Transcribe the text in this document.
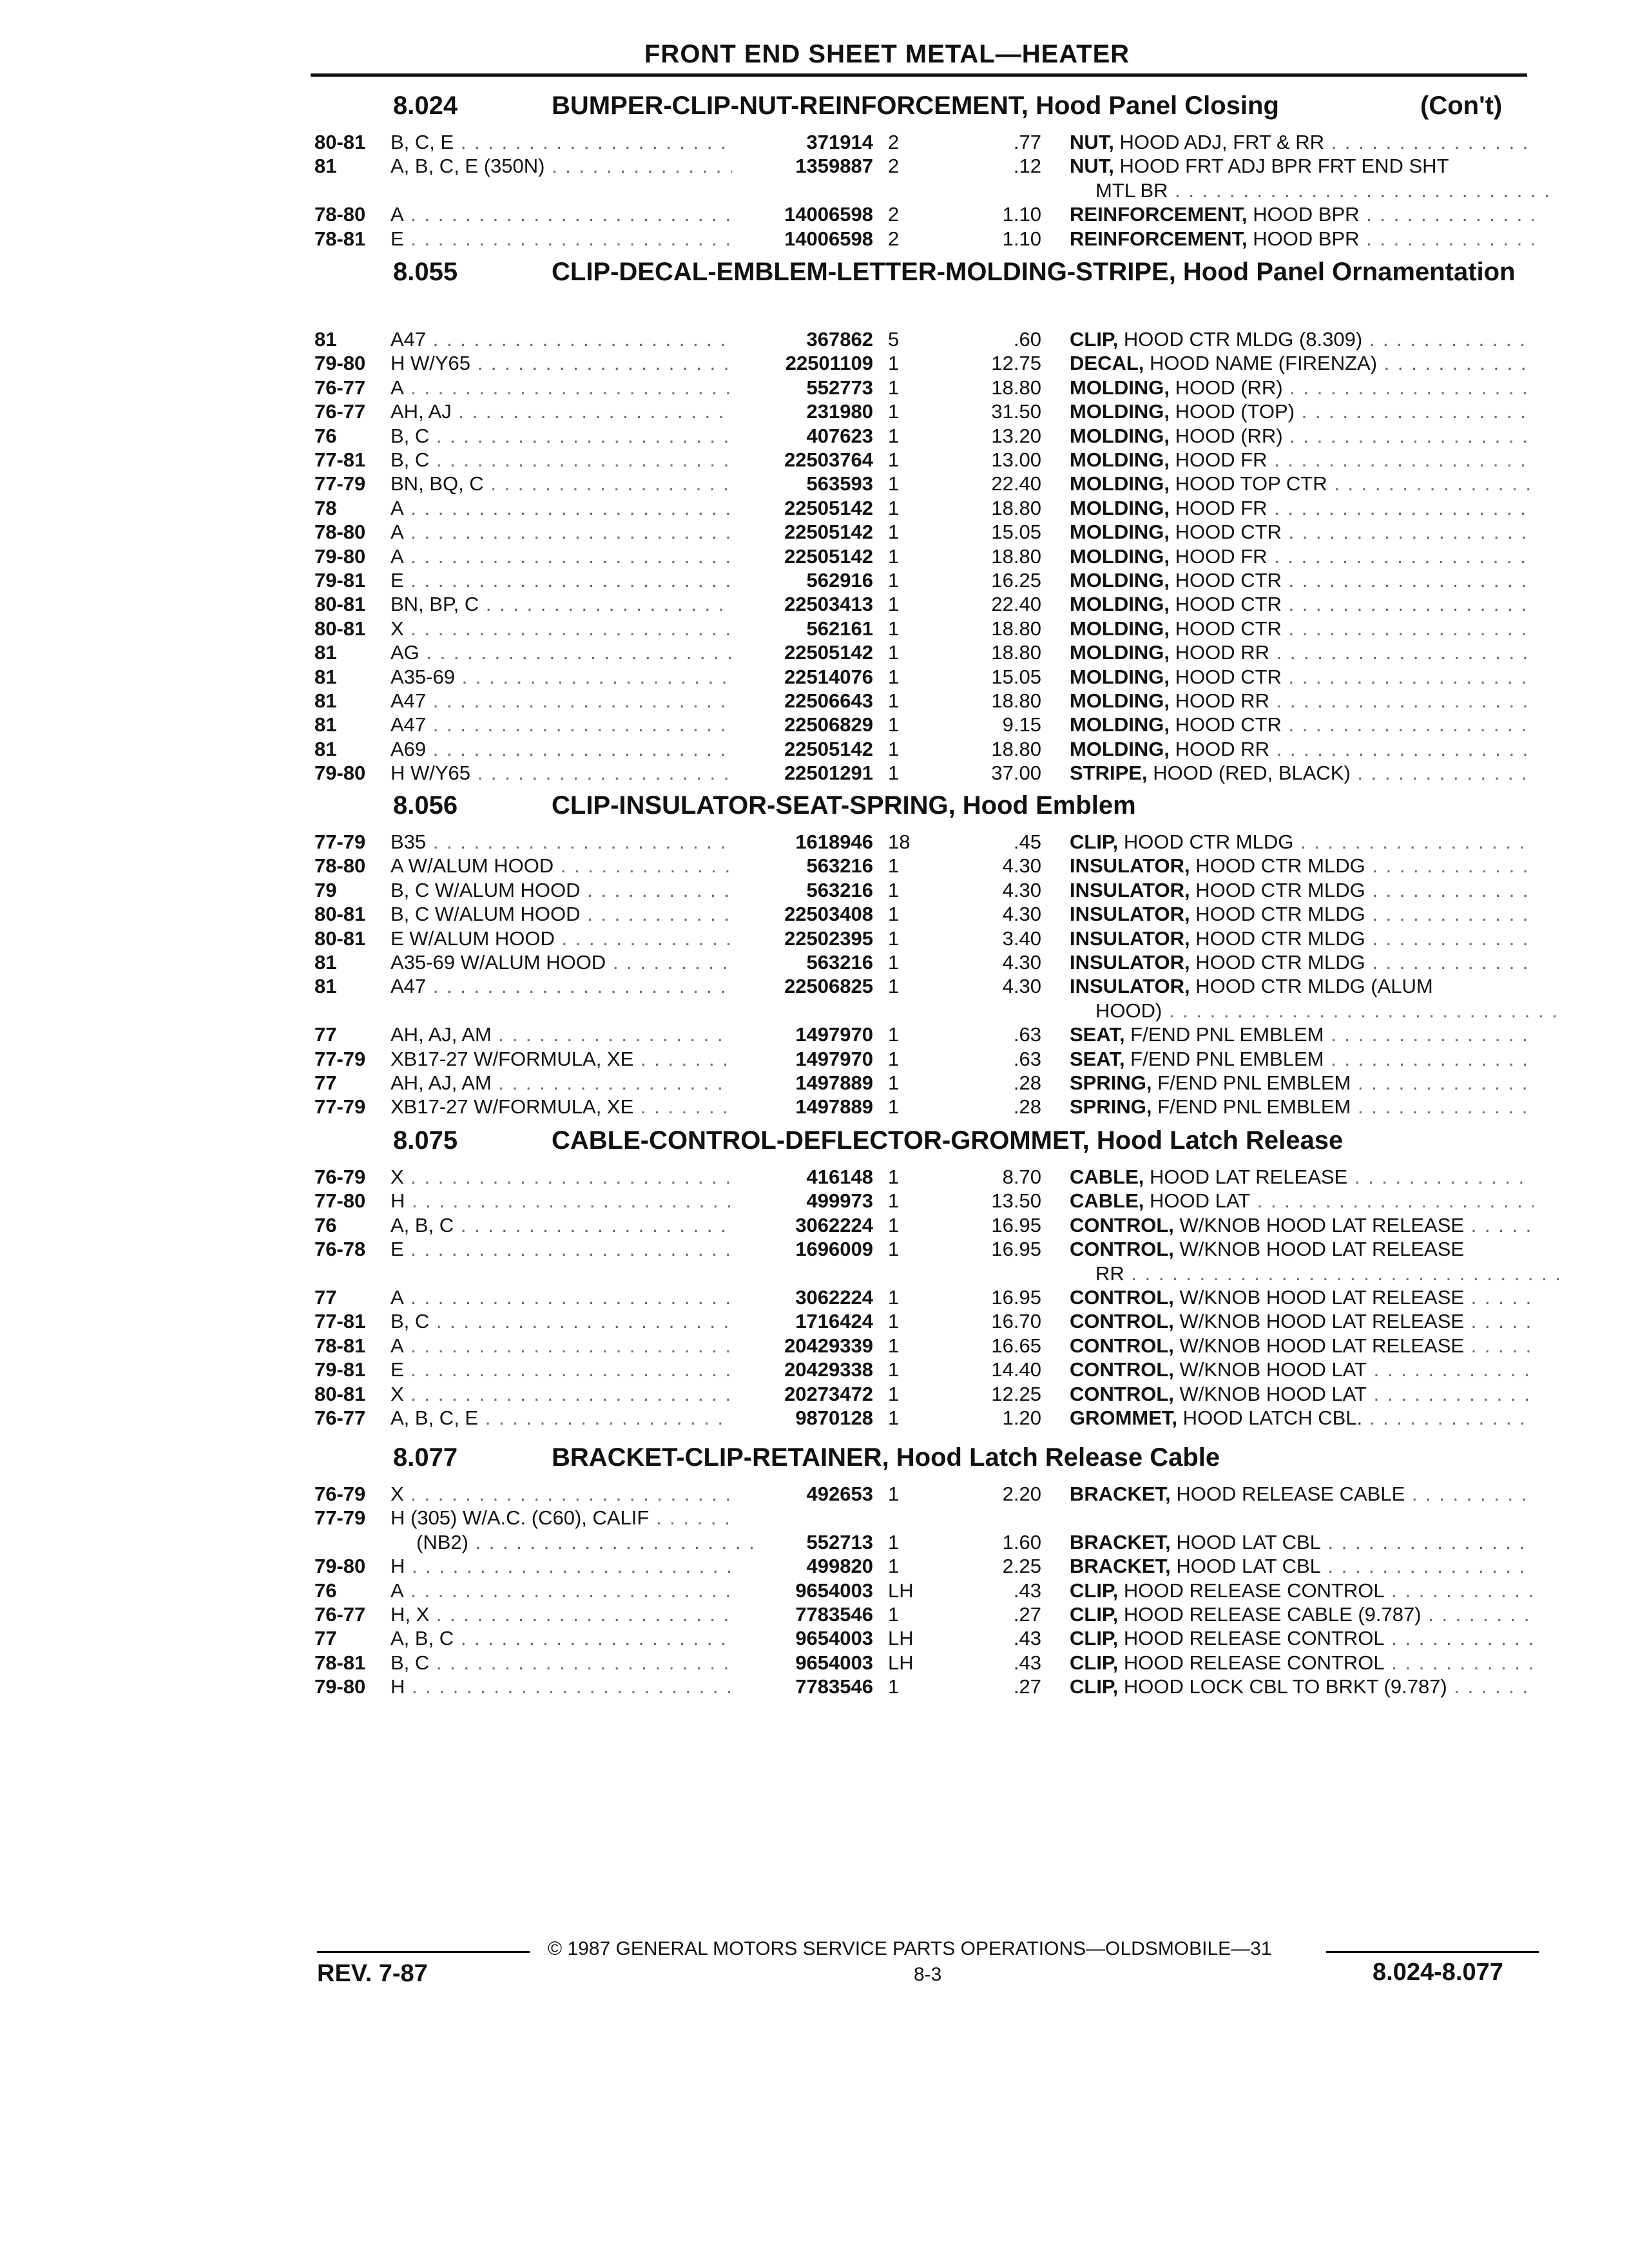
FRONT END SHEET METAL—HEATER
8.024	BUMPER-CLIP-NUT-REINFORCEMENT, Hood Panel Closing	(Con't)
80-81 B, C, E . . .	371914 2	.77 NUT, HOOD ADJ, FRT & RR . . .
81	A, B, C, E (350N) . . .	1359887 2	.12 NUT, HOOD FRT ADJ BPR FRT END SHT
MTL BR . . .
78-80 A . . .	14006598 2	1.10 REINFORCEMENT, HOOD BPR . . .
78-81 E . . .	14006598 2	1.10 REINFORCEMENT, HOOD BPR . . .
8.055	CLIP-DECAL-EMBLEM-LETTER-MOLDING-STRIPE, Hood Panel Ornamentation
81	A47 . . .	367862 5	.60 CLIP, HOOD CTR MLDG (8.309) . . .
79-80 H W/Y65 . . .	22501109 1	12.75 DECAL, HOOD NAME (FIRENZA) . . .
76-77 A . . .	552773 1	18.80 MOLDING, HOOD (RR) . . .
76-77 AH, AJ . . .	231980 1	31.50 MOLDING, HOOD (TOP) . . .
76	B, C . . .	407623 1	13.20 MOLDING, HOOD (RR) . . .
77-81 B, C . . .	22503764 1	13.00 MOLDING, HOOD FR . . .
77-79 BN, BQ, C . . .	563593 1	22.40 MOLDING, HOOD TOP CTR . . .
78	A . . .	22505142 1	18.80 MOLDING, HOOD FR . . .
78-80 A . . .	22505142 1	15.05 MOLDING, HOOD CTR . . .
79-80 A . . .	22505142 1	18.80 MOLDING, HOOD FR . . .
79-81 E . . .	562916 1	16.25 MOLDING, HOOD CTR . . .
80-81 BN, BP, C . . .	22503413 1	22.40 MOLDING, HOOD CTR . . .
80-81 X . . .	562161 1	18.80 MOLDING, HOOD CTR . . .
81	AG . . .	22505142 1	18.80 MOLDING, HOOD RR . . .
81	A35-69 . . .	22514076 1	15.05 MOLDING, HOOD CTR . . .
81	A47 . . .	22506643 1	18.80 MOLDING, HOOD RR . . .
81	A47 . . .	22506829 1	9.15 MOLDING, HOOD CTR . . .
81	A69 . . .	22505142 1	18.80 MOLDING, HOOD RR . . .
79-80 H W/Y65 . . .	22501291 1	37.00 STRIPE, HOOD (RED, BLACK) . . .
8.056	CLIP-INSULATOR-SEAT-SPRING, Hood Emblem
77-79 B35 . . .	1618946 18	.45 CLIP, HOOD CTR MLDG . . .
78-80 A W/ALUM HOOD . . .	563216 1	4.30 INSULATOR, HOOD CTR MLDG . . .
79	B, C W/ALUM HOOD . . .	563216 1	4.30 INSULATOR, HOOD CTR MLDG . . .
80-81 B, C W/ALUM HOOD . . .	22503408 1	4.30 INSULATOR, HOOD CTR MLDG . . .
80-81 E W/ALUM HOOD . . .	22502395 1	3.40 INSULATOR, HOOD CTR MLDG . . .
81	A35-69 W/ALUM HOOD . . .	563216 1	4.30 INSULATOR, HOOD CTR MLDG . . .
81	A47 . . .	22506825 1	4.30 INSULATOR, HOOD CTR MLDG (ALUM
HOOD) . . .
77	AH, AJ, AM . . .	1497970 1	.63 SEAT, F/END PNL EMBLEM . . .
77-79 XB17-27 W/FORMULA, XE . . .	1497970 1	.63 SEAT, F/END PNL EMBLEM . . .
77	AH, AJ, AM . . .	1497889 1	.28 SPRING, F/END PNL EMBLEM . . .
77-79 XB17-27 W/FORMULA, XE . . .	1497889 1	.28 SPRING, F/END PNL EMBLEM . . .
8.075	CABLE-CONTROL-DEFLECTOR-GROMMET, Hood Latch Release
76-79 X . . .	416148 1	8.70 CABLE, HOOD LAT RELEASE . . .
77-80 H . . .	499973 1	13.50 CABLE, HOOD LAT . . .
76	A, B, C . . .	3062224 1	16.95 CONTROL, W/KNOB HOOD LAT RELEASE . . .
76-78 E . . .	1696009 1	16.95 CONTROL, W/KNOB HOOD LAT RELEASE
RR . . .
77	A . . .	3062224 1	16.95 CONTROL, W/KNOB HOOD LAT RELEASE . . .
77-81 B, C . . .	1716424 1	16.70 CONTROL, W/KNOB HOOD LAT RELEASE . . .
78-81 A . . .	20429339 1	16.65 CONTROL, W/KNOB HOOD LAT RELEASE . . .
79-81 E . . .	20429338 1	14.40 CONTROL, W/KNOB HOOD LAT . . .
80-81 X . . .	20273472 1	12.25 CONTROL, W/KNOB HOOD LAT . . .
76-77 A, B, C, E . . .	9870128 1	1.20 GROMMET, HOOD LATCH CBL. . . .
8.077	BRACKET-CLIP-RETAINER, Hood Latch Release Cable
76-79 X . . .	492653 1	2.20 BRACKET, HOOD RELEASE CABLE . . .
77-79 H (305) W/A.C. (C60), CALIF . . .
(NB2) . . .	552713 1	1.60 BRACKET, HOOD LAT CBL . . .
79-80 H . . .	499820 1	2.25 BRACKET, HOOD LAT CBL . . .
76	A . . .	9654003 LH	.43 CLIP, HOOD RELEASE CONTROL . . .
76-77 H, X . . .	7783546 1	.27 CLIP, HOOD RELEASE CABLE (9.787) . . .
77	A, B, C . . .	9654003 LH	.43 CLIP, HOOD RELEASE CONTROL . . .
78-81 B, C . . .	9654003 LH	.43 CLIP, HOOD RELEASE CONTROL . . .
79-80 H . . .	7783546 1	.27 CLIP, HOOD LOCK CBL TO BRKT (9.787) . . .
© 1987 GENERAL MOTORS SERVICE PARTS OPERATIONS—OLDSMOBILE—31
REV. 7-87	8-3	8.024-8.077
